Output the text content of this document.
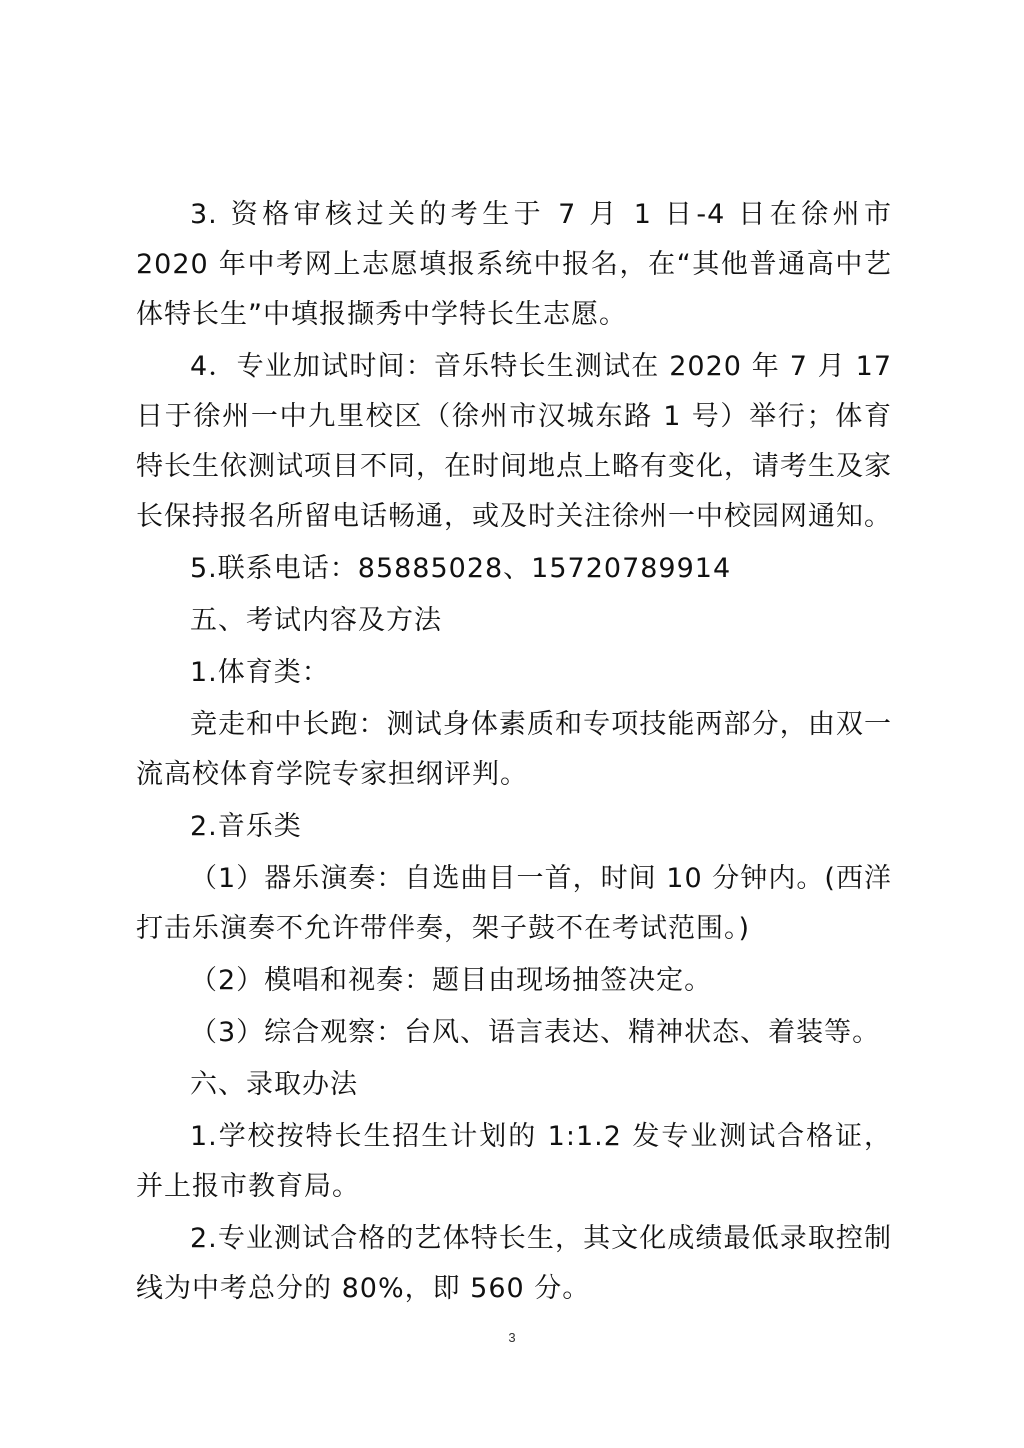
3. 资格审核过关的考生于 7 月 1 日-4 日在徐州市 2020 年中考网上志愿填报系统中报名，在“其他普通高中艺体特长生”中填报撷秀中学特长生志愿。

4．专业加试时间：音乐特长生测试在 2020 年 7 月 17 日于徐州一中九里校区（徐州市汉城东路 1 号）举行；体育特长生依测试项目不同，在时间地点上略有变化，请考生及家长保持报名所留电话畅通，或及时关注徐州一中校园网通知。

5.联系电话：85885028、15720789914

五、考试内容及方法

1.体育类：

竞走和中长跑：测试身体素质和专项技能两部分，由双一流高校体育学院专家担纲评判。

2.音乐类

（1）器乐演奏：自选曲目一首，时间 10 分钟内。(西洋打击乐演奏不允许带伴奏，架子鼓不在考试范围。)

（2）模唱和视奏：题目由现场抽签决定。

（3）综合观察：台风、语言表达、精神状态、着装等。

六、录取办法

1.学校按特长生招生计划的 1:1.2 发专业测试合格证，并上报市教育局。

2.专业测试合格的艺体特长生，其文化成绩最低录取控制线为中考总分的 80%，即 560 分。

3
